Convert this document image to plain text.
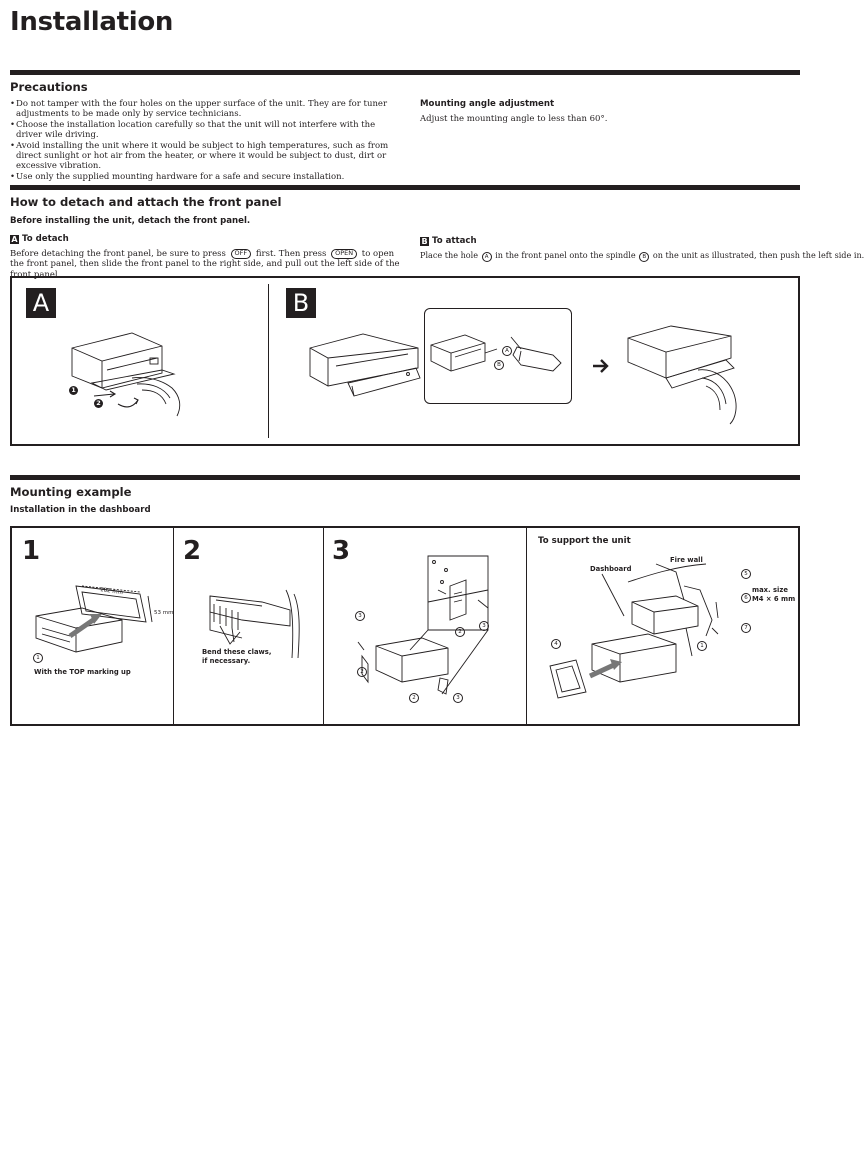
Installation
Precautions
• Do not tamper with the four holes on the upper surface of the unit. They are for tuner adjustments to be made only by service technicians.
• Choose the installation location carefully so that the unit will not interfere with the driver wile driving.
• Avoid installing the unit where it would be subject to high temperatures, such as from direct sunlight or hot air from the heater, or where it would be subject to dust, dirt or excessive vibration.
• Use only the supplied mounting hardware for a safe and secure installation.
Mounting angle adjustment
Adjust the mounting angle to less than 60°.
How to detach and attach the front panel
Before installing the unit, detach the front panel.
A To detach
Before detaching the front panel, be sure to press OFF first. Then press OPEN to open the front panel, then slide the front panel to the right side, and pull out the left side of the front panel.
B To attach
Place the hole A in the front panel onto the spindle B on the unit as illustrated, then push the left side in.
A	B
1
2
A
B
Mounting example
Installation in the dashboard
1
182 mm
53 mm
1
With the TOP marking up
2
Bend these claws,
if necessary.
3
3
2
2	3
2
3
To support the unit
Fire wall
Dashboard
max. size
M4 × 6 mm
5
6
7
1
4
